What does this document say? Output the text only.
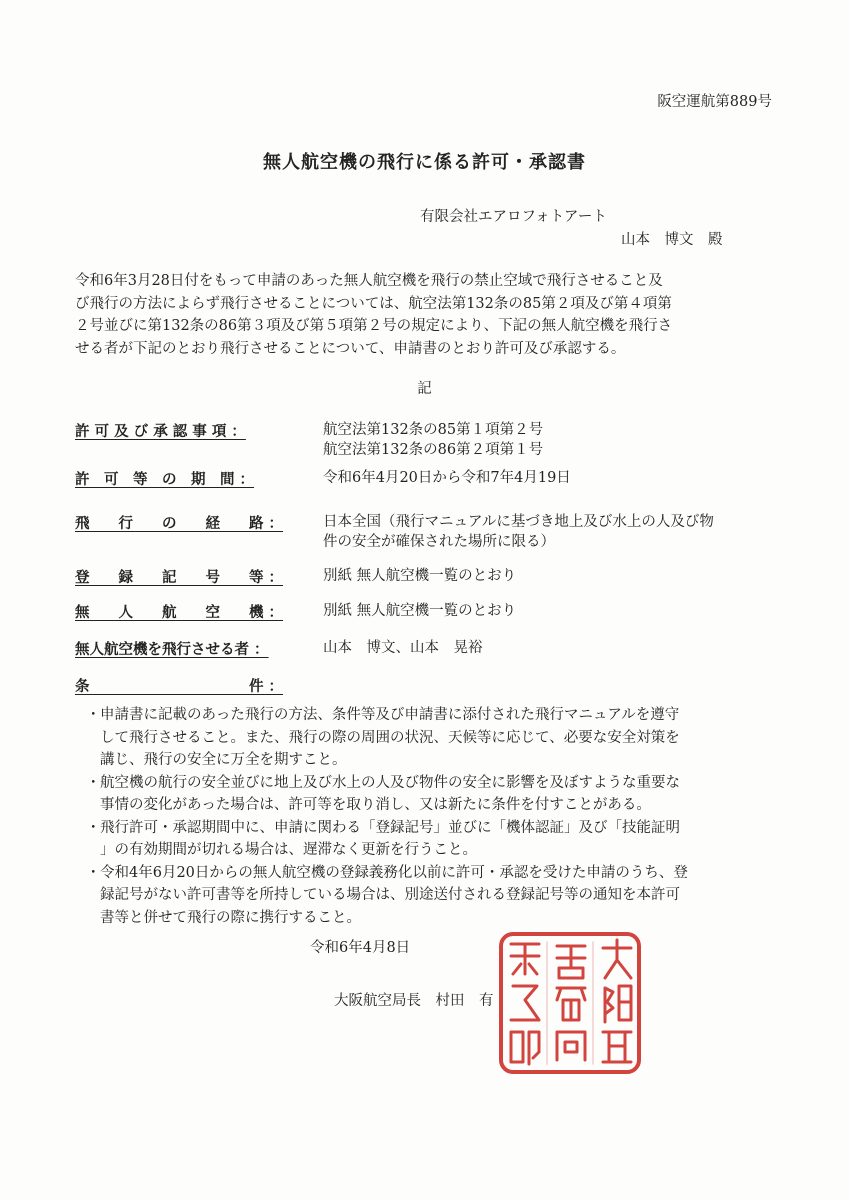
阪空運航第889号
無人航空機の飛行に係る許可・承認書
有限会社エアロフォトアート
山本　博文　殿

令和6年3月28日付をもって申請のあった無人航空機を飛行の禁止空域で飛行させること及

び飛行の方法によらず飛行させることについては、航空法第132条の85第２項及び第４項第

２号並びに第132条の86第３項及び第５項第２号の規定により、下記の無人航空機を飛行さ

せる者が下記のとおり飛行させることについて、申請書のとおり許可及び承認する。

記
許 可 及 び 承 認 事 項 ：	航空法第132条の85第１項第２号

航空法第132条の86第２項第１号

許　可　等　の　期　間 ：	令和6年4月20日から令和7年4月19日

飛　　行　　の　　経　　路 ：	日本全国（飛行マニュアルに基づき地上及び水上の人及び物

件の安全が確保された場所に限る）

登　　録　　記　　号　　等 ：	別紙 無人航空機一覧のとおり

無　　人　　航　　空　　機 ：	別紙 無人航空機一覧のとおり

無人航空機を飛行させる者 ：	山本　博文、山本　晃裕

条　　　　　　　　　　　件 ：
・ 申請書に記載のあった飛行の方法、条件等及び申請書に添付された飛行マニュアルを遵守

して飛行させること。また、飛行の際の周囲の状況、天候等に応じて、必要な安全対策を

講じ、飛行の安全に万全を期すこと。

・ 航空機の航行の安全並びに地上及び水上の人及び物件の安全に影響を及ぼすような重要な

事情の変化があった場合は、許可等を取り消し、又は新たに条件を付すことがある。

・ 飛行許可・承認期間中に、申請に関わる「登録記号」並びに「機体認証」及び「技能証明

」の有効期間が切れる場合は、遅滞なく更新を行うこと。

・ 令和4年6月20日からの無人航空機の登録義務化以前に許可・承認を受けた申請のうち、登

録記号がない許可書等を所持している場合は、別途送付される登録記号等の通知を本許可

書等と併せて飛行の際に携行すること。

令和6年4月8日
大阪航空局長　村田　有
